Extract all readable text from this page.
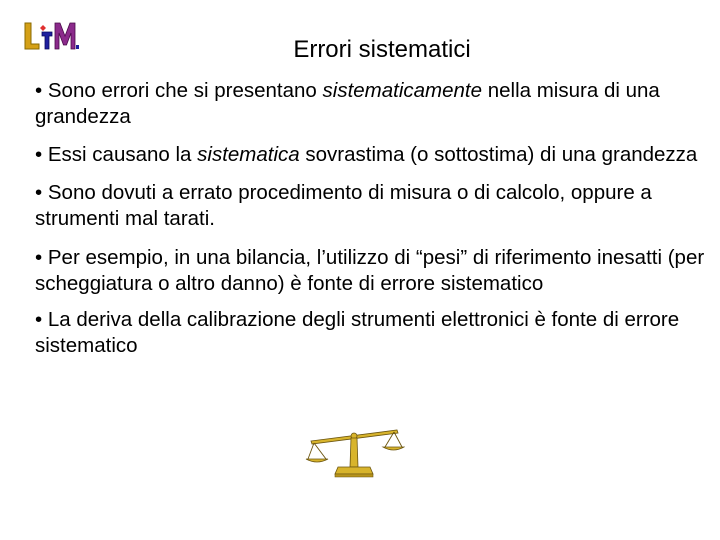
Errori sistematici
• Sono errori che si presentano sistematicamente nella misura di una grandezza
• Essi causano la sistematica sovrastima (o sottostima) di una grandezza
• Sono dovuti a errato procedimento di misura o di calcolo, oppure a strumenti mal tarati.
• Per esempio, in una bilancia, l’utilizzo di “pesi” di riferimento inesatti (per scheggiatura o altro danno) è fonte di errore sistematico
• La deriva della calibrazione degli strumenti elettronici è fonte di errore sistematico
